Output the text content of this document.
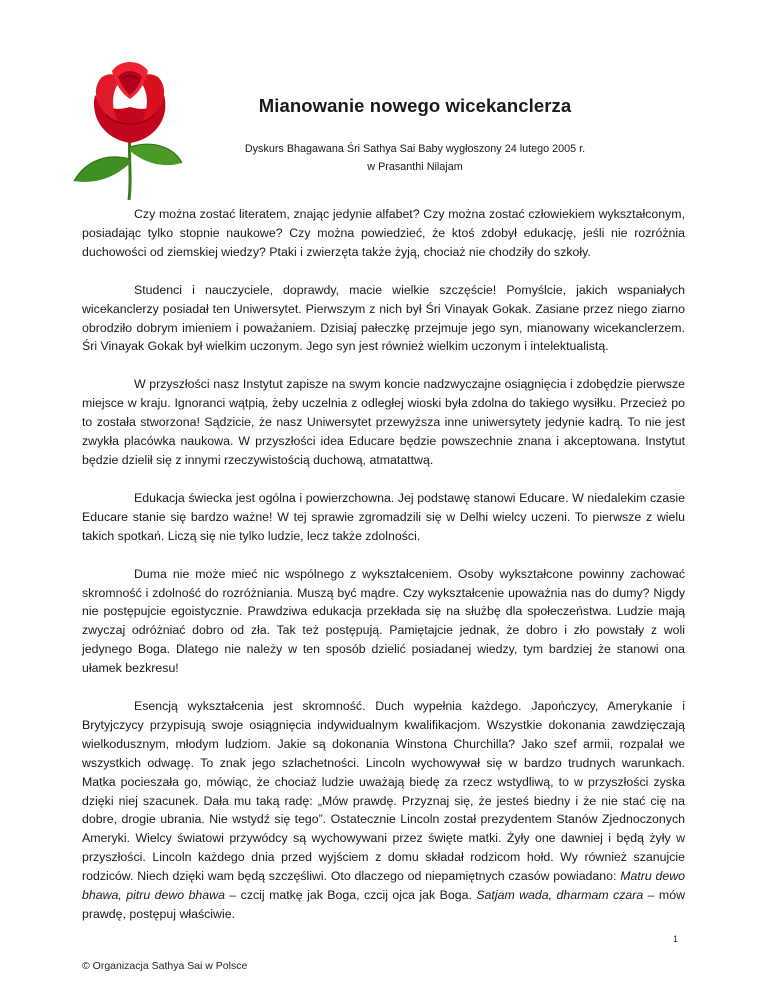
Mianowanie nowego wicekanclerza
Dyskurs Bhagawana Śri Sathya Sai Baby wygłoszony 24 lutego 2005 r.
w Prasanthi Nilajam

Czy można zostać literatem, znając jedynie alfabet? Czy można zostać człowiekiem wykształconym, posiadając tylko stopnie naukowe? Czy można powiedzieć, że ktoś zdobył edukację, jeśli nie rozróżnia duchowości od ziemskiej wiedzy? Ptaki i zwierzęta także żyją, chociaż nie chodziły do szkoły.

Studenci i nauczyciele, doprawdy, macie wielkie szczęście! Pomyślcie, jakich wspaniałych wicekanclerzy posiadał ten Uniwersytet. Pierwszym z nich był Śri Vinayak Gokak. Zasiane przez niego ziarno obrodziło dobrym imieniem i poważaniem. Dzisiaj pałeczkę przejmuje jego syn, mianowany wicekanclerzem. Śri Vinayak Gokak był wielkim uczonym. Jego syn jest również wielkim uczonym i intelektualistą.

W przyszłości nasz Instytut zapisze na swym koncie nadzwyczajne osiągnięcia i zdobędzie pierwsze miejsce w kraju. Ignoranci wątpią, żeby uczelnia z odległej wioski była zdolna do takiego wysiłku. Przecież po to została stworzona! Sądzicie, że nasz Uniwersytet przewyższa inne uniwersytety jedynie kadrą. To nie jest zwykła placówka naukowa. W przyszłości idea Educare będzie powszechnie znana i akceptowana. Instytut będzie dzielił się z innymi rzeczywistością duchową, atmatattwą.

Edukacja świecka jest ogólna i powierzchowna. Jej podstawę stanowi Educare. W niedalekim czasie Educare stanie się bardzo ważne! W tej sprawie zgromadzili się w Delhi wielcy uczeni. To pierwsze z wielu takich spotkań. Liczą się nie tylko ludzie, lecz także zdolności.

Duma nie może mieć nic wspólnego z wykształceniem. Osoby wykształcone powinny zachować skromność i zdolność do rozróżniania. Muszą być mądre. Czy wykształcenie upoważnia nas do dumy? Nigdy nie postępujcie egoistycznie. Prawdziwa edukacja przekłada się na służbę dla społeczeństwa. Ludzie mają zwyczaj odróżniać dobro od zła. Tak też postępują. Pamiętajcie jednak, że dobro i zło powstały z woli jedynego Boga. Dlatego nie należy w ten sposób dzielić posiadanej wiedzy, tym bardziej że stanowi ona ułamek bezkresu!

Esencją wykształcenia jest skromność. Duch wypełnia każdego. Japończycy, Amerykanie i Brytyjczycy przypisują swoje osiągnięcia indywidualnym kwalifikacjom. Wszystkie dokonania zawdzięczają wielkodusznym, młodym ludziom. Jakie są dokonania Winstona Churchilla? Jako szef armii, rozpalał we wszystkich odwagę. To znak jego szlachetności. Lincoln wychowywał się w bardzo trudnych warunkach. Matka pocieszała go, mówiąc, że chociaż ludzie uważają biedę za rzecz wstydliwą, to w przyszłości zyska dzięki niej szacunek. Dała mu taką radę: „Mów prawdę. Przyznaj się, że jesteś biedny i że nie stać cię na dobre, drogie ubrania. Nie wstydź się tego”. Ostatecznie Lincoln został prezydentem Stanów Zjednoczonych Ameryki. Wielcy światowi przywódcy są wychowywani przez święte matki. Żyły one dawniej i będą żyły w przyszłości. Lincoln każdego dnia przed wyjściem z domu składał rodzicom hołd. Wy również szanujcie rodziców. Niech dzięki wam będą szczęśliwi. Oto dlaczego od niepamiętnych czasów powiadano: Matru dewo bhawa, pitru dewo bhawa – czcij matkę jak Boga, czcij ojca jak Boga. Satjam wada, dharmam czara – mów prawdę, postępuj właściwie.

1
© Organizacja Sathya Sai w Polsce
